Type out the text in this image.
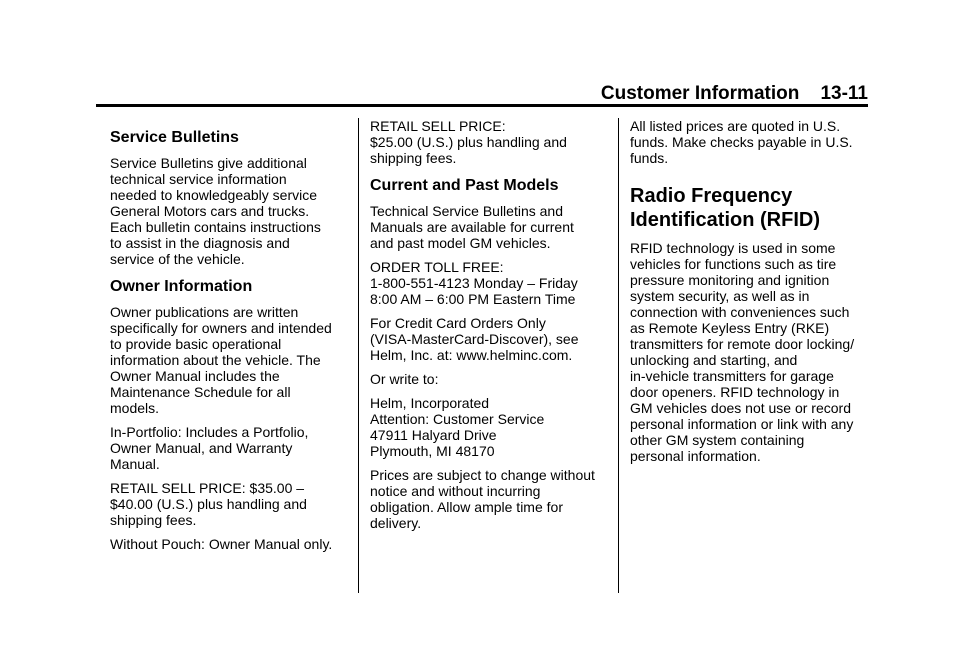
Customer Information    13-11
Service Bulletins

Service Bulletins give additional
technical service information
needed to knowledgeably service
General Motors cars and trucks.
Each bulletin contains instructions
to assist in the diagnosis and
service of the vehicle.

Owner Information

Owner publications are written
specifically for owners and intended
to provide basic operational
information about the vehicle. The
Owner Manual includes the
Maintenance Schedule for all
models.

In-Portfolio: Includes a Portfolio,
Owner Manual, and Warranty
Manual.

RETAIL SELL PRICE: $35.00 –
$40.00 (U.S.) plus handling and
shipping fees.

Without Pouch: Owner Manual only.

RETAIL SELL PRICE:
$25.00 (U.S.) plus handling and
shipping fees.

Current and Past Models

Technical Service Bulletins and
Manuals are available for current
and past model GM vehicles.

ORDER TOLL FREE:
1-800-551-4123 Monday – Friday
8:00 AM – 6:00 PM Eastern Time

For Credit Card Orders Only
(VISA-MasterCard-Discover), see
Helm, Inc. at: www.helminc.com.

Or write to:

Helm, Incorporated
Attention: Customer Service
47911 Halyard Drive
Plymouth, MI 48170

Prices are subject to change without
notice and without incurring
obligation. Allow ample time for
delivery.

All listed prices are quoted in U.S.
funds. Make checks payable in U.S.
funds.

Radio Frequency
Identification (RFID)

RFID technology is used in some
vehicles for functions such as tire
pressure monitoring and ignition
system security, as well as in
connection with conveniences such
as Remote Keyless Entry (RKE)
transmitters for remote door locking/
unlocking and starting, and
in-vehicle transmitters for garage
door openers. RFID technology in
GM vehicles does not use or record
personal information or link with any
other GM system containing
personal information.
